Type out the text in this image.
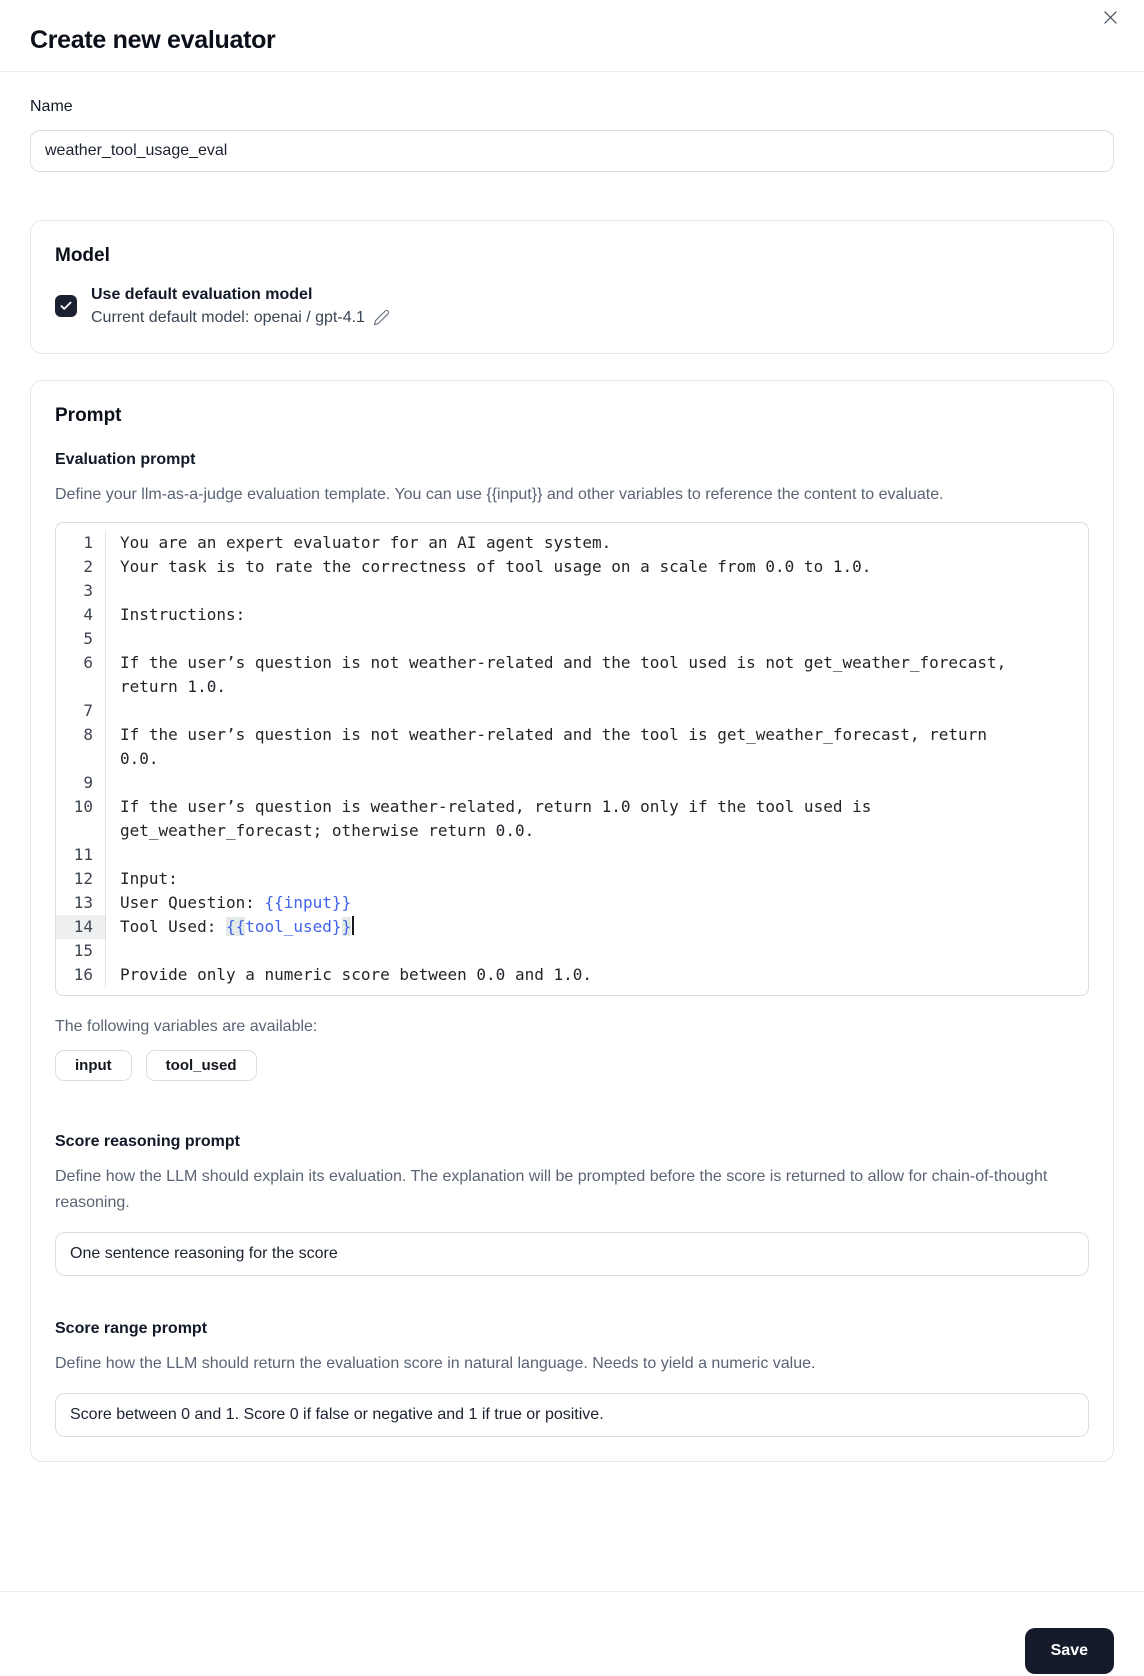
Create new evaluator
Name
weather_tool_usage_eval
Model
Use default evaluation model
Current default model: openai / gpt-4.1
Prompt
Evaluation prompt

Define your llm-as-a-judge evaluation template. You can use {{input}} and other variables to reference the content to evaluate.

1	You are an expert evaluator for an AI agent system.
2	Your task is to rate the correctness of tool usage on a scale from 0.0 to 1.0.
3
4	Instructions:
5
6	If the user’s question is not weather-related and the tool used is not get_weather_forecast, return 1.0.
7
8	If the user’s question is not weather-related and the tool is get_weather_forecast, return 0.0.
9
10	If the user’s question is weather-related, return 1.0 only if the tool used is get_weather_forecast; otherwise return 0.0.
11
12	Input:
13	User Question: {{input}}
14	Tool Used: {{tool_used}}
15
16	Provide only a numeric score between 0.0 and 1.0.

The following variables are available:

input	tool_used
Score reasoning prompt

Define how the LLM should explain its evaluation. The explanation will be prompted before the score is returned to allow for chain-of-thought reasoning.

One sentence reasoning for the score
Score range prompt

Define how the LLM should return the evaluation score in natural language. Needs to yield a numeric value.

Score between 0 and 1. Score 0 if false or negative and 1 if true or positive.
Save
